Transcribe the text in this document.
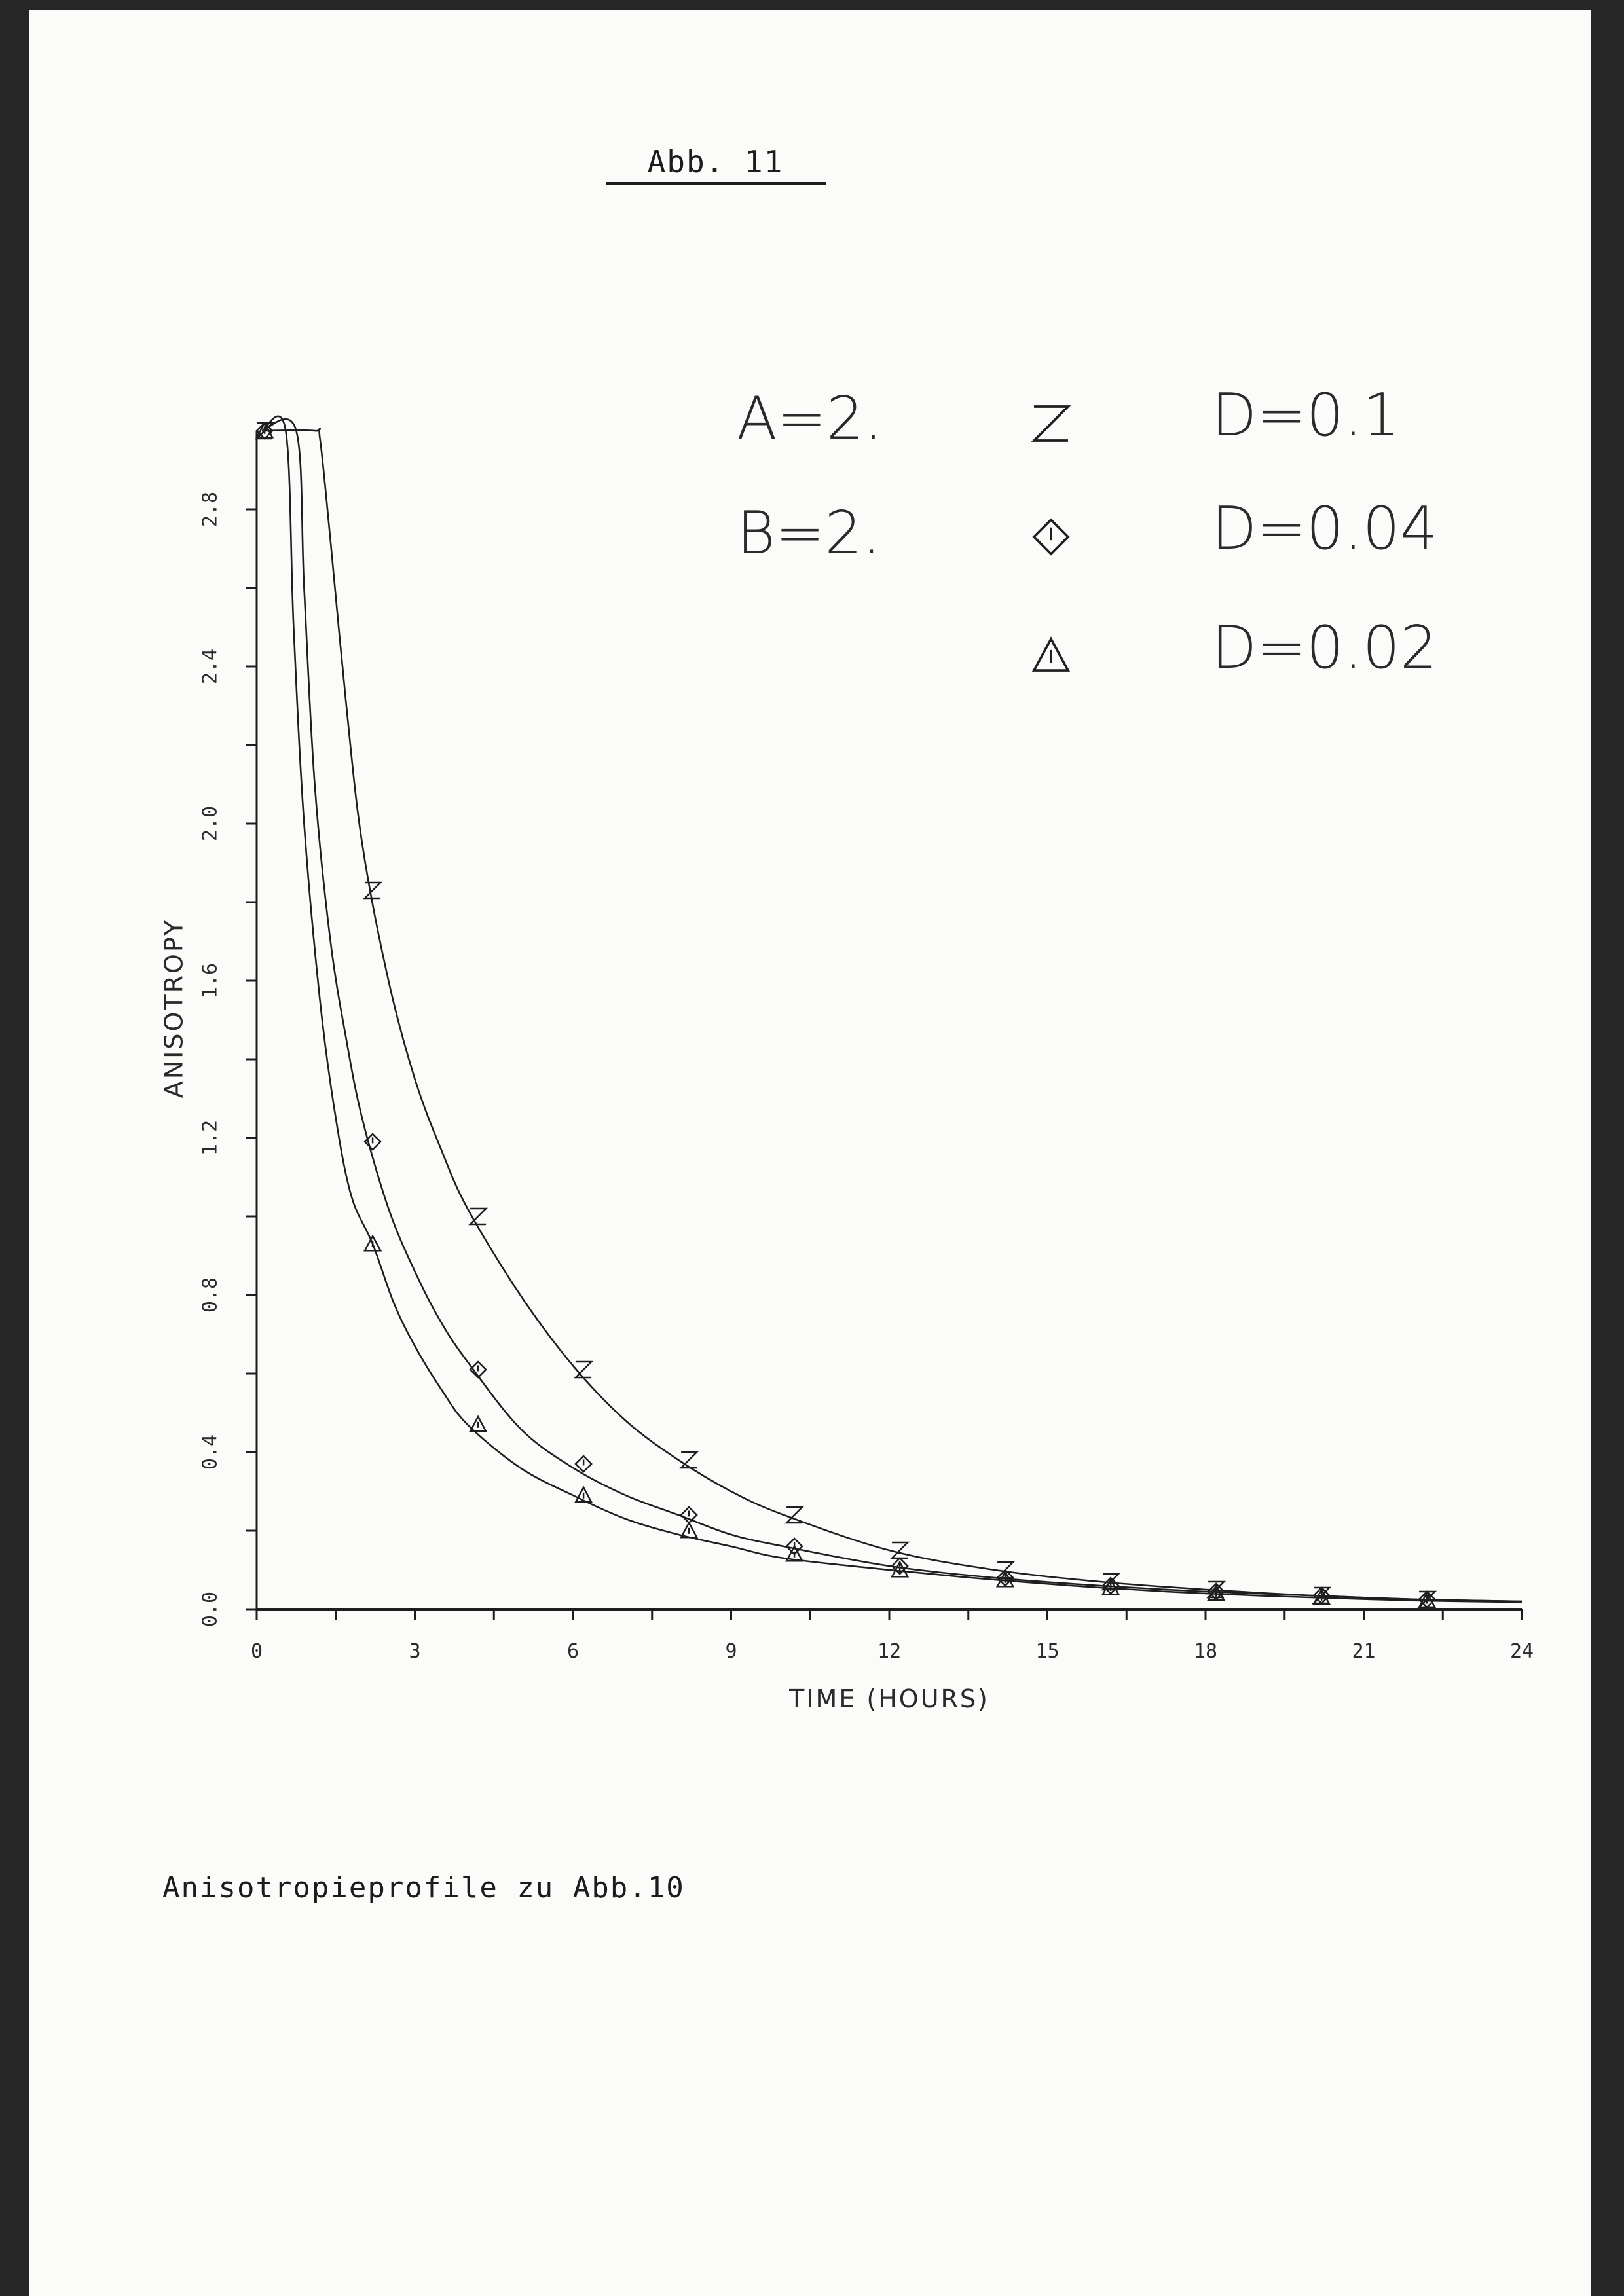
Abb. 11
0	3	6	9	12	15	18	21	24
0.0
0.4
0.8
1.2
1.6
2.0
2.4
2.8
TIME (HOURS)
ANISOTROPY
A=2.
B=2.
D=0.1
D=0.04
D=0.02
Anisotropieprofile zu Abb.10
